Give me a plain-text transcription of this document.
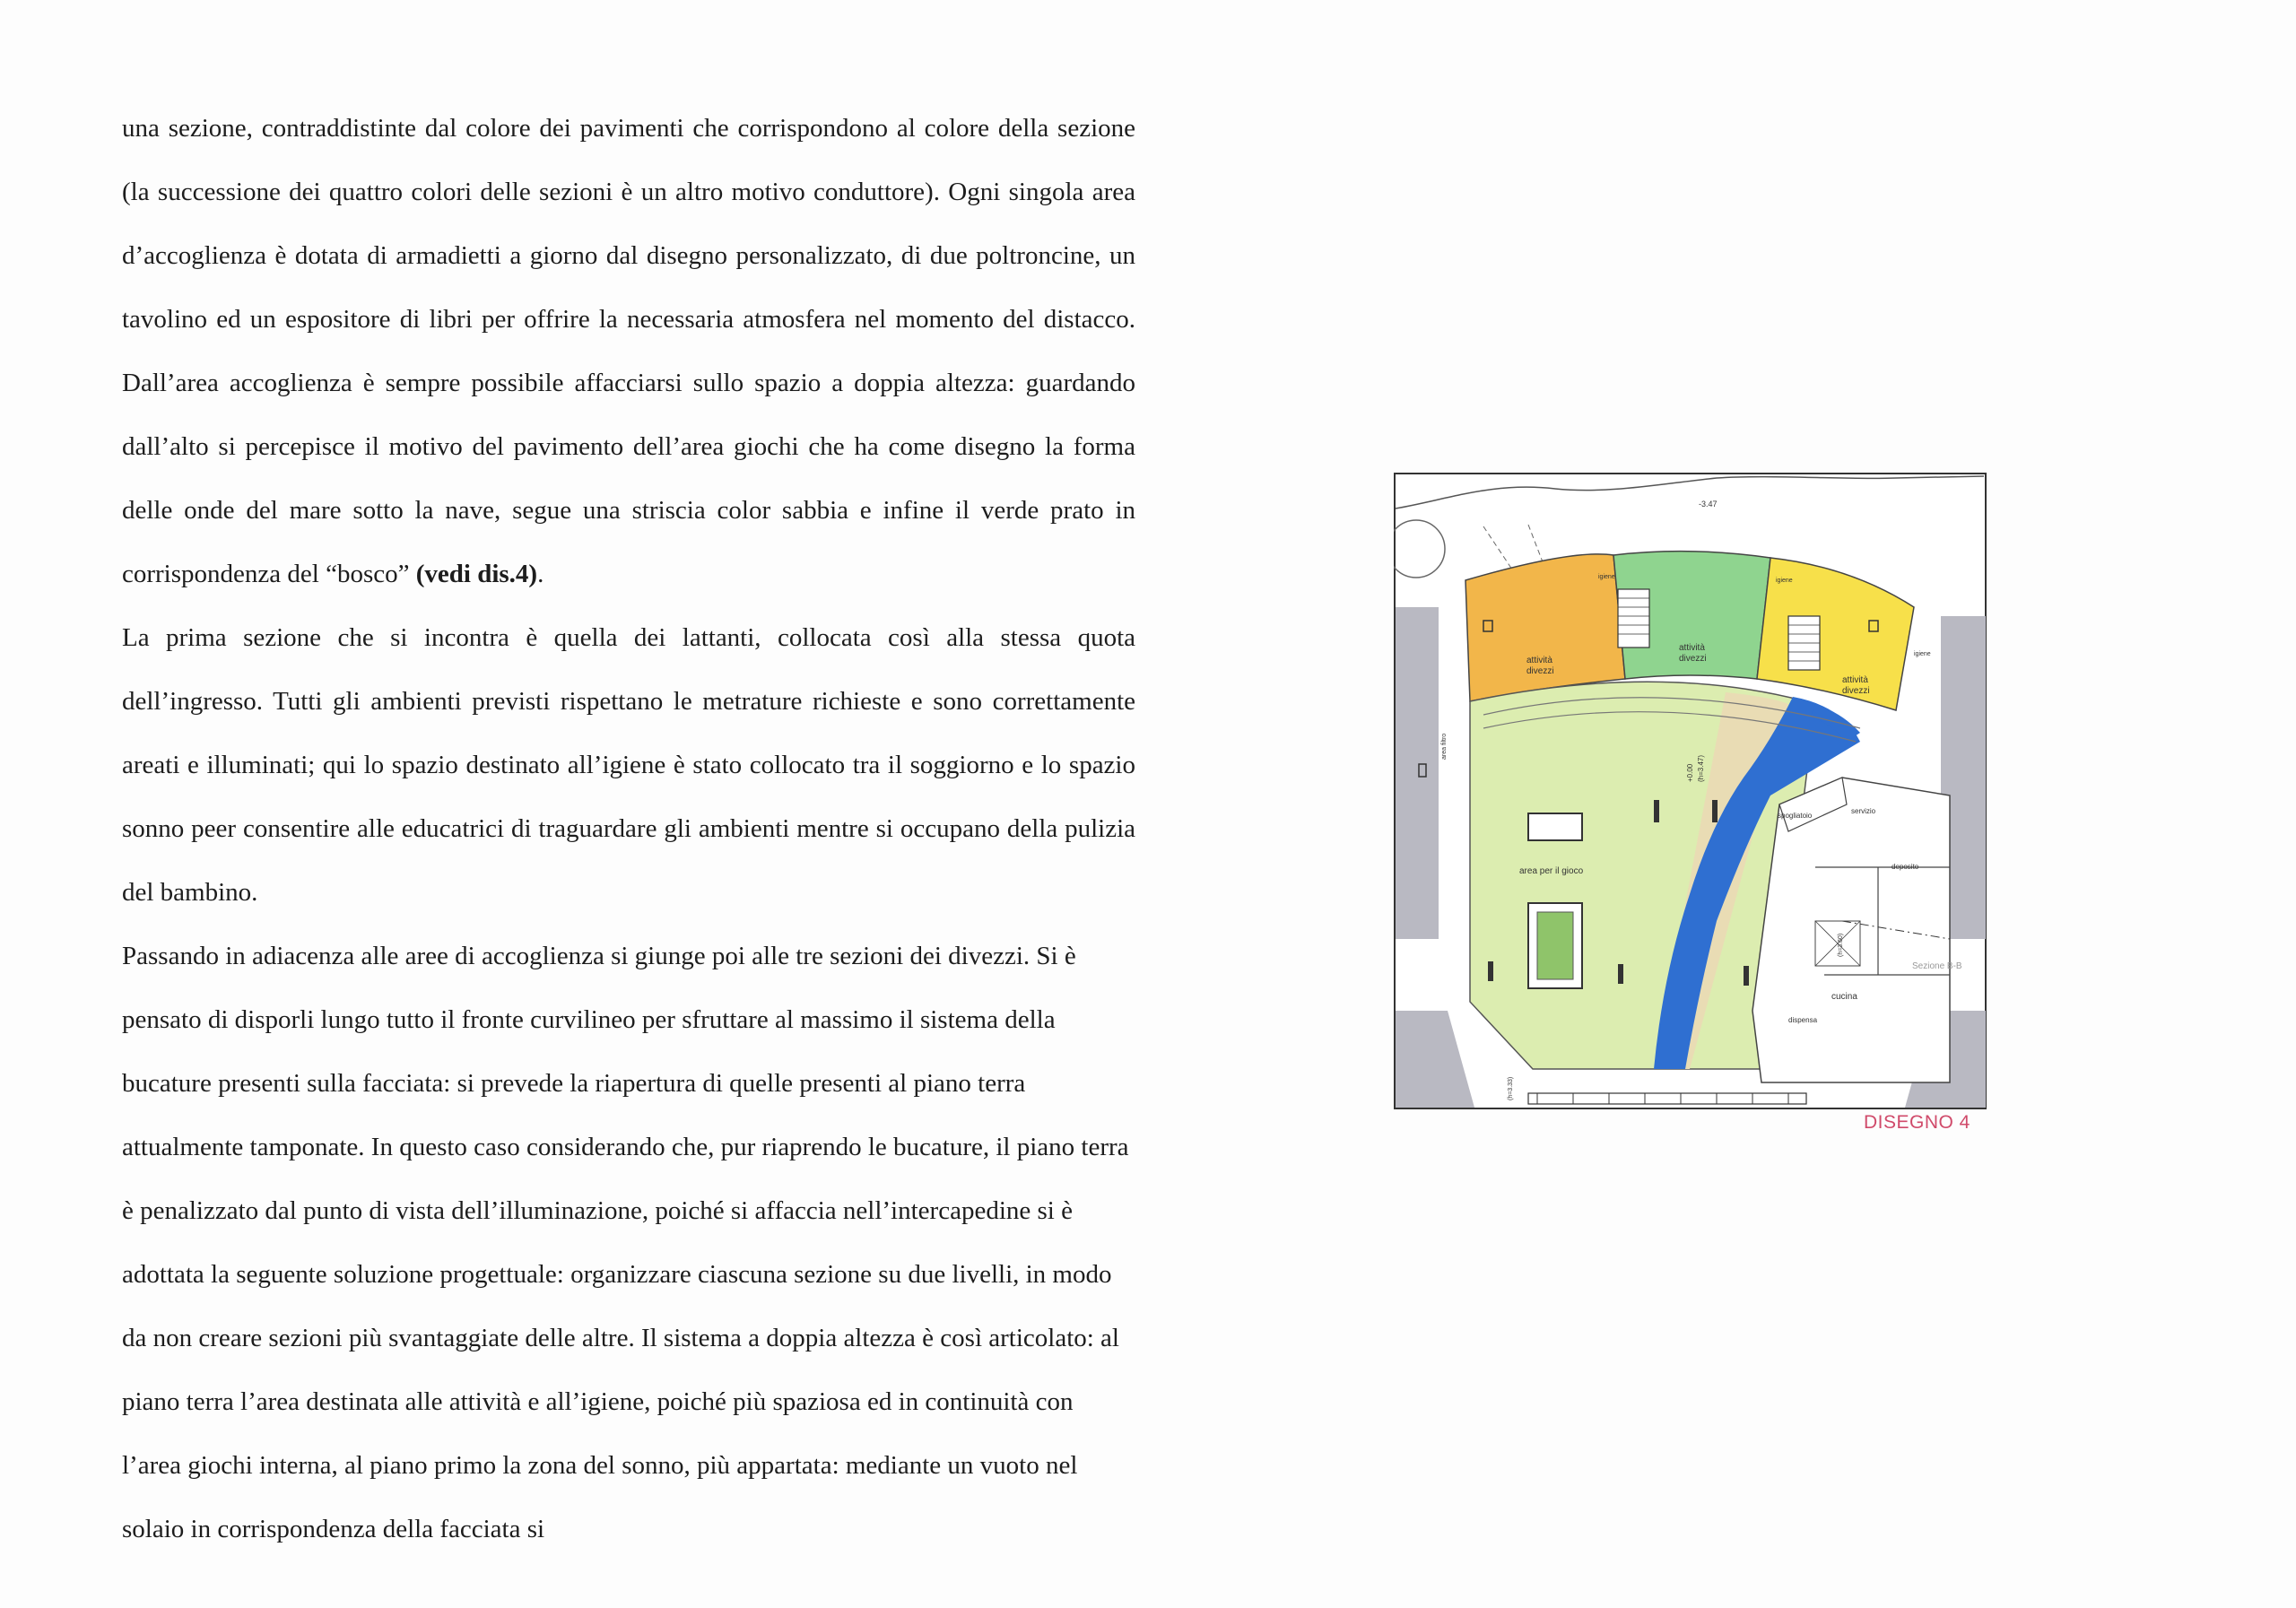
una sezione, contraddistinte dal colore dei pavimenti che corrispondono al colore della sezione (la successione dei quattro colori delle sezioni è un altro motivo conduttore). Ogni singola area d’accoglienza è dotata di armadietti a giorno dal disegno personalizzato, di due poltroncine, un tavolino ed un espositore di libri per offrire la necessaria atmosfera nel momento del distacco. Dall’area accoglienza è sempre possibile affacciarsi sullo spazio a doppia altezza: guardando dall’alto si percepisce il motivo del pavimento dell’area giochi che ha come disegno la forma delle onde del mare sotto la nave, segue una striscia color sabbia e infine il verde prato in corrispondenza del “bosco” (vedi dis.4).

La prima sezione che si incontra è quella dei lattanti, collocata così alla stessa quota dell’ingresso. Tutti gli ambienti previsti rispettano le metrature richieste e sono correttamente areati e illuminati; qui lo spazio destinato all’igiene è stato collocato tra il soggiorno e lo spazio sonno peer consentire alle educatrici di traguardare gli ambienti mentre si occupano della pulizia del bambino.

Passando in adiacenza alle aree di accoglienza si giunge poi alle tre sezioni dei divezzi. Si è pensato di disporli lungo tutto il fronte curvilineo per sfruttare al massimo il sistema della bucature presenti sulla facciata: si prevede la riapertura di quelle presenti al piano terra attualmente tamponate. In questo caso considerando che, pur riaprendo le bucature, il piano terra è penalizzato dal punto di vista dell’illuminazione, poiché si affaccia nell’intercapedine si è adottata la seguente soluzione progettuale: organizzare ciascuna sezione su due livelli, in modo da non creare sezioni più svantaggiate delle altre. Il sistema a doppia altezza è così articolato: al piano terra l’area destinata alle attività e all’igiene, poiché più spaziosa ed in continuità con l’area giochi interna, al piano primo la zona del sonno, più appartata: mediante un vuoto nel solaio in corrispondenza della facciata si

-3.47
attività
divezzi
attività
divezzi
attività
divezzi
igiene
igiene
igiene
area per il gioco
spogliatoio
servizio
deposito
cucina
dispensa
area filtro
+0.00 (h=3.47)
(h=3.60)
(h=3.33)
Sezione B-B
DISEGNO 4
